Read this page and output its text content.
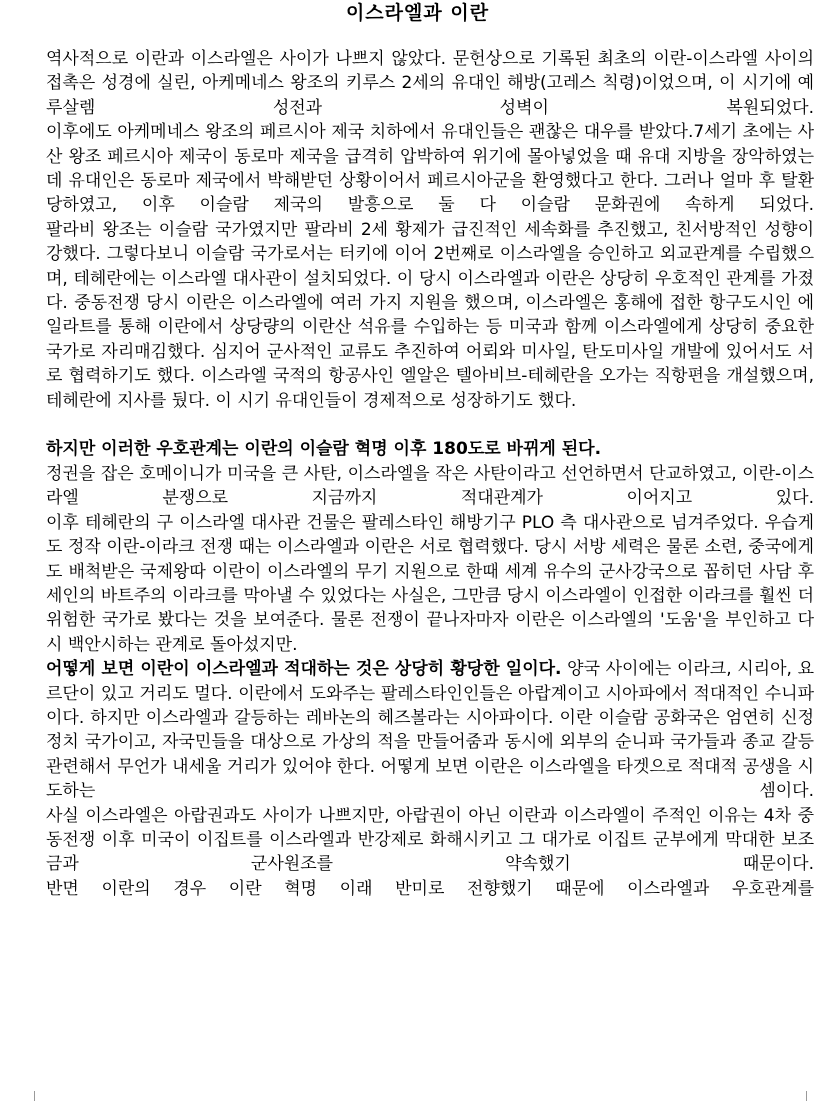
이스라엘과 이란

역사적으로 이란과 이스라엘은 사이가 나쁘지 않았다. 문헌상으로 기록된 최초의 이란-이스라엘 사이의 접촉은 성경에 실린, 아케메네스 왕조의 키루스 2세의 유대인 해방(고레스 칙령)이었으며, 이 시기에 예루살렘 성전과 성벽이 복원되었다.

이후에도 아케메네스 왕조의 페르시아 제국 치하에서 유대인들은 괜찮은 대우를 받았다.7세기 초에는 사산 왕조 페르시아 제국이 동로마 제국을 급격히 압박하여 위기에 몰아넣었을 때 유대 지방을 장악하였는데 유대인은 동로마 제국에서 박해받던 상황이어서 페르시아군을 환영했다고 한다. 그러나 얼마 후 탈환당하였고, 이후 이슬람 제국의 발흥으로 둘 다 이슬람 문화권에 속하게 되었다.

팔라비 왕조는 이슬람 국가였지만 팔라비 2세 황제가 급진적인 세속화를 추진했고, 친서방적인 성향이 강했다. 그렇다보니 이슬람 국가로서는 터키에 이어 2번째로 이스라엘을 승인하고 외교관계를 수립했으며, 테헤란에는 이스라엘 대사관이 설치되었다. 이 당시 이스라엘과 이란은 상당히 우호적인 관계를 가졌다. 중동전쟁 당시 이란은 이스라엘에 여러 가지 지원을 했으며, 이스라엘은 홍해에 접한 항구도시인 에일라트를 통해 이란에서 상당량의 이란산 석유를 수입하는 등 미국과 함께 이스라엘에게 상당히 중요한 국가로 자리매김했다. 심지어 군사적인 교류도 추진하여 어뢰와 미사일, 탄도미사일 개발에 있어서도 서로 협력하기도 했다. 이스라엘 국적의 항공사인 엘알은 텔아비브-테헤란을 오가는 직항편을 개설했으며, 테헤란에 지사를 뒀다. 이 시기 유대인들이 경제적으로 성장하기도 했다.

하지만 이러한 우호관계는 이란의 이슬람 혁명 이후 180도로 바뀌게 된다.

정권을 잡은 호메이니가 미국을 큰 사탄, 이스라엘을 작은 사탄이라고 선언하면서 단교하였고, 이란-이스라엘 분쟁으로 지금까지 적대관계가 이어지고 있다.

이후 테헤란의 구 이스라엘 대사관 건물은 팔레스타인 해방기구 PLO 측 대사관으로 넘겨주었다. 우습게도 정작 이란-이라크 전쟁 때는 이스라엘과 이란은 서로 협력했다. 당시 서방 세력은 물론 소련, 중국에게도 배척받은 국제왕따 이란이 이스라엘의 무기 지원으로 한때 세계 유수의 군사강국으로 꼽히던 사담 후세인의 바트주의 이라크를 막아낼 수 있었다는 사실은, 그만큼 당시 이스라엘이 인접한 이라크를 훨씬 더 위험한 국가로 봤다는 것을 보여준다. 물론 전쟁이 끝나자마자 이란은 이스라엘의 '도움'을 부인하고 다시 백안시하는 관계로 돌아섰지만.

어떻게 보면 이란이 이스라엘과 적대하는 것은 상당히 황당한 일이다. 양국 사이에는 이라크, 시리아, 요르단이 있고 거리도 멀다. 이란에서 도와주는 팔레스타인인들은 아랍계이고 시아파에서 적대적인 수니파이다. 하지만 이스라엘과 갈등하는 레바논의 헤즈볼라는 시아파이다. 이란 이슬람 공화국은 엄연히 신정 정치 국가이고, 자국민들을 대상으로 가상의 적을 만들어줌과 동시에 외부의 순니파 국가들과 종교 갈등 관련해서 무언가 내세울 거리가 있어야 한다. 어떻게 보면 이란은 이스라엘을 타겟으로 적대적 공생을 시도하는 셈이다.

사실 이스라엘은 아랍권과도 사이가 나쁘지만, 아랍권이 아닌 이란과 이스라엘이 주적인 이유는 4차 중동전쟁 이후 미국이 이집트를 이스라엘과 반강제로 화해시키고 그 대가로 이집트 군부에게 막대한 보조금과 군사원조를 약속했기 때문이다.

반면 이란의 경우 이란 혁명 이래 반미로 전향했기 때문에 이스라엘과 우호관계를
